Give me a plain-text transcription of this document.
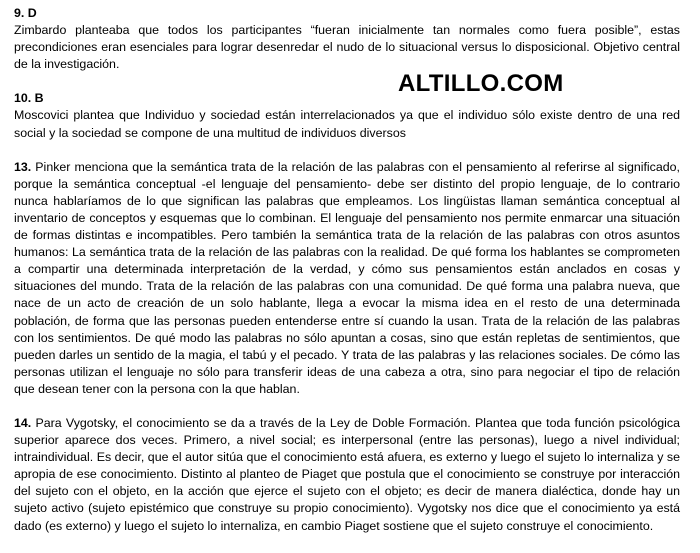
9. D

Zimbardo planteaba que todos los participantes “fueran inicialmente tan normales como fuera posible”, estas precondiciones eran esenciales para lograr desenredar el nudo de lo situacional versus lo disposicional. Objetivo central de la investigación.

10. B

Moscovici plantea que Individuo y sociedad están interrelacionados ya que el individuo sólo existe dentro de una red social y la sociedad se compone de una multitud de individuos diversos

13. Pinker menciona que la semántica trata de la relación de las palabras con el pensamiento al referirse al significado, porque la semántica conceptual -el lenguaje del pensamiento- debe ser distinto del propio lenguaje, de lo contrario nunca hablaríamos de lo que significan las palabras que empleamos. Los lingüistas llaman semántica conceptual al inventario de conceptos y esquemas que lo combinan. El lenguaje del pensamiento nos permite enmarcar una situación de formas distintas e incompatibles. Pero también la semántica trata de la relación de las palabras con otros asuntos humanos: La semántica trata de la relación de las palabras con la realidad. De qué forma los hablantes se comprometen a compartir una determinada interpretación de la verdad, y cómo sus pensamientos están anclados en cosas y situaciones del mundo. Trata de la relación de las palabras con una comunidad. De qué forma una palabra nueva, que nace de un acto de creación de un solo hablante, llega a evocar la misma idea en el resto de una determinada población, de forma que las personas pueden entenderse entre sí cuando la usan. Trata de la relación de las palabras con los sentimientos. De qué modo las palabras no sólo apuntan a cosas, sino que están repletas de sentimientos, que pueden darles un sentido de la magia, el tabú y el pecado. Y trata de las palabras y las relaciones sociales. De cómo las personas utilizan el lenguaje no sólo para transferir ideas de una cabeza a otra, sino para negociar el tipo de relación que desean tener con la persona con la que hablan.

14. Para Vygotsky, el conocimiento se da a través de la Ley de Doble Formación. Plantea que toda función psicológica superior aparece dos veces. Primero, a nivel social; es interpersonal (entre las personas), luego a nivel individual; intraindividual. Es decir, que el autor sitúa que el conocimiento está afuera, es externo y luego el sujeto lo internaliza y se apropia de ese conocimiento. Distinto al planteo de Piaget que postula que el conocimiento se construye por interacción del sujeto con el objeto, en la acción que ejerce el sujeto con el objeto; es decir de manera dialéctica, donde hay un sujeto activo (sujeto epistémico que construye su propio conocimiento). Vygotsky nos dice que el conocimiento ya está dado (es externo) y luego el sujeto lo internaliza, en cambio Piaget sostiene que el sujeto construye el conocimiento.

ALTILLO.COM
